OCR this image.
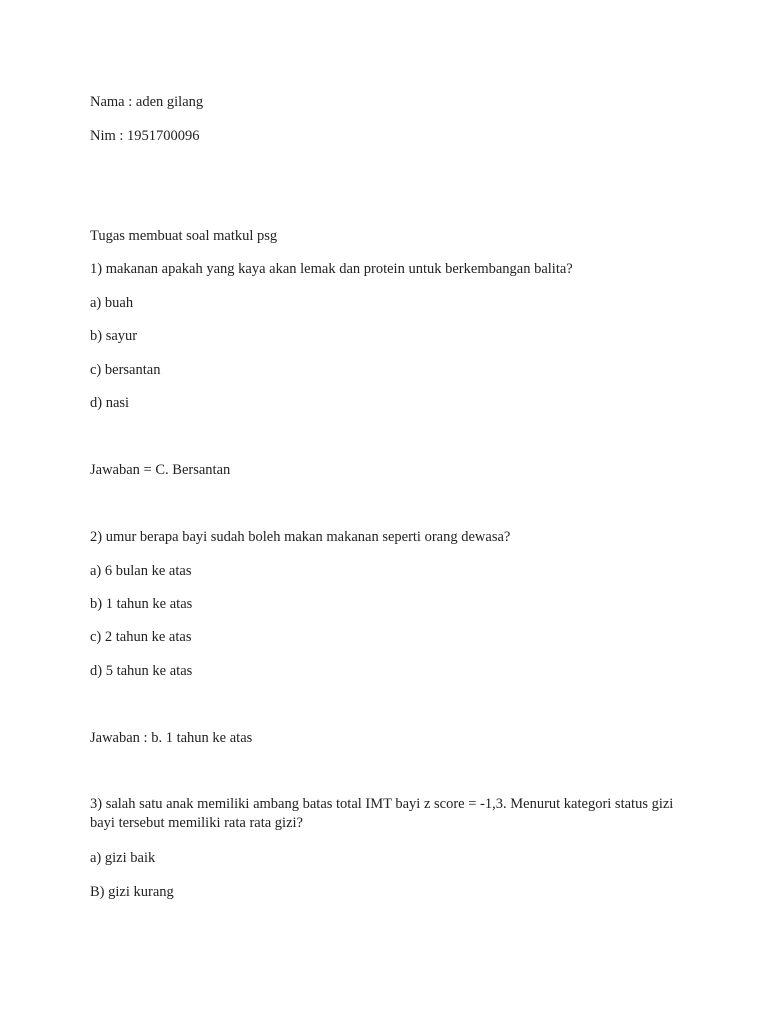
Nama : aden gilang
Nim : 1951700096
Tugas membuat soal matkul psg
1) makanan apakah yang kaya akan lemak dan protein untuk berkembangan balita?
a) buah
b) sayur
c) bersantan
d) nasi
Jawaban = C. Bersantan
2) umur berapa bayi sudah boleh makan makanan seperti orang dewasa?
a) 6 bulan ke atas
b) 1 tahun ke atas
c) 2 tahun ke atas
d) 5 tahun ke atas
Jawaban : b. 1 tahun ke atas
3) salah satu anak memiliki ambang batas total IMT bayi z score = -1,3. Menurut kategori status gizi bayi tersebut memiliki rata rata gizi?
a) gizi baik
B) gizi kurang
